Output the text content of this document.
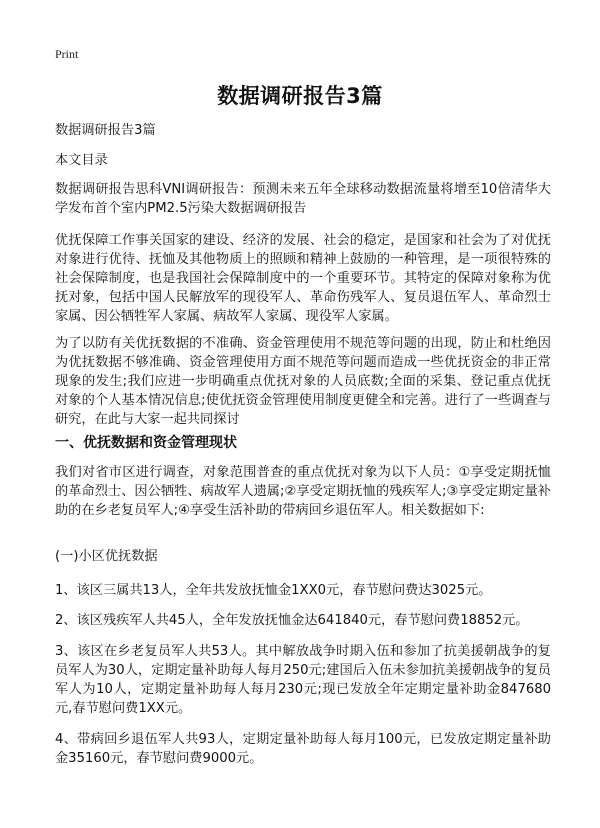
Print
数据调研报告3篇
数据调研报告3篇
本文目录
数据调研报告思科VNI调研报告：预测未来五年全球移动数据流量将增至10倍清华大学发布首个室内PM2.5污染大数据调研报告
优抚保障工作事关国家的建设、经济的发展、社会的稳定，是国家和社会为了对优抚对象进行优待、抚恤及其他物质上的照顾和精神上鼓励的一种管理，是一项很特殊的社会保障制度，也是我国社会保障制度中的一个重要环节。其特定的保障对象称为优抚对象，包括中国人民解放军的现役军人、革命伤残军人、复员退伍军人、革命烈士家属、因公牺牲军人家属、病故军人家属、现役军人家属。
为了以防有关优抚数据的不准确、资金管理使用不规范等问题的出现，防止和杜绝因为优抚数据不够准确、资金管理使用方面不规范等问题而造成一些优抚资金的非正常现象的发生;我们应进一步明确重点优抚对象的人员底数;全面的采集、登记重点优抚对象的个人基本情况信息;使优抚资金管理使用制度更健全和完善。进行了一些调查与研究，在此与大家一起共同探讨
一、优抚数据和资金管理现状
我们对省市区进行调查，对象范围普查的重点优抚对象为以下人员：①享受定期抚恤的革命烈士、因公牺牲、病故军人遗属;②享受定期抚恤的残疾军人;③享受定期定量补助的在乡老复员军人;④享受生活补助的带病回乡退伍军人。相关数据如下:
(一)小区优抚数据
1、该区三属共13人，全年共发放抚恤金1XX0元，春节慰问费达3025元。
2、该区残疾军人共45人，全年发放抚恤金达641840元，春节慰问费18852元。
3、该区在乡老复员军人共53人。其中解放战争时期入伍和参加了抗美援朝战争的复员军人为30人，定期定量补助每人每月250元;建国后入伍未参加抗美援朝战争的复员军人为10人，定期定量补助每人每月230元;现已发放全年定期定量补助金847680元,春节慰问费1XX元。
4、带病回乡退伍军人共93人，定期定量补助每人每月100元，已发放定期定量补助金35160元，春节慰问费9000元。
